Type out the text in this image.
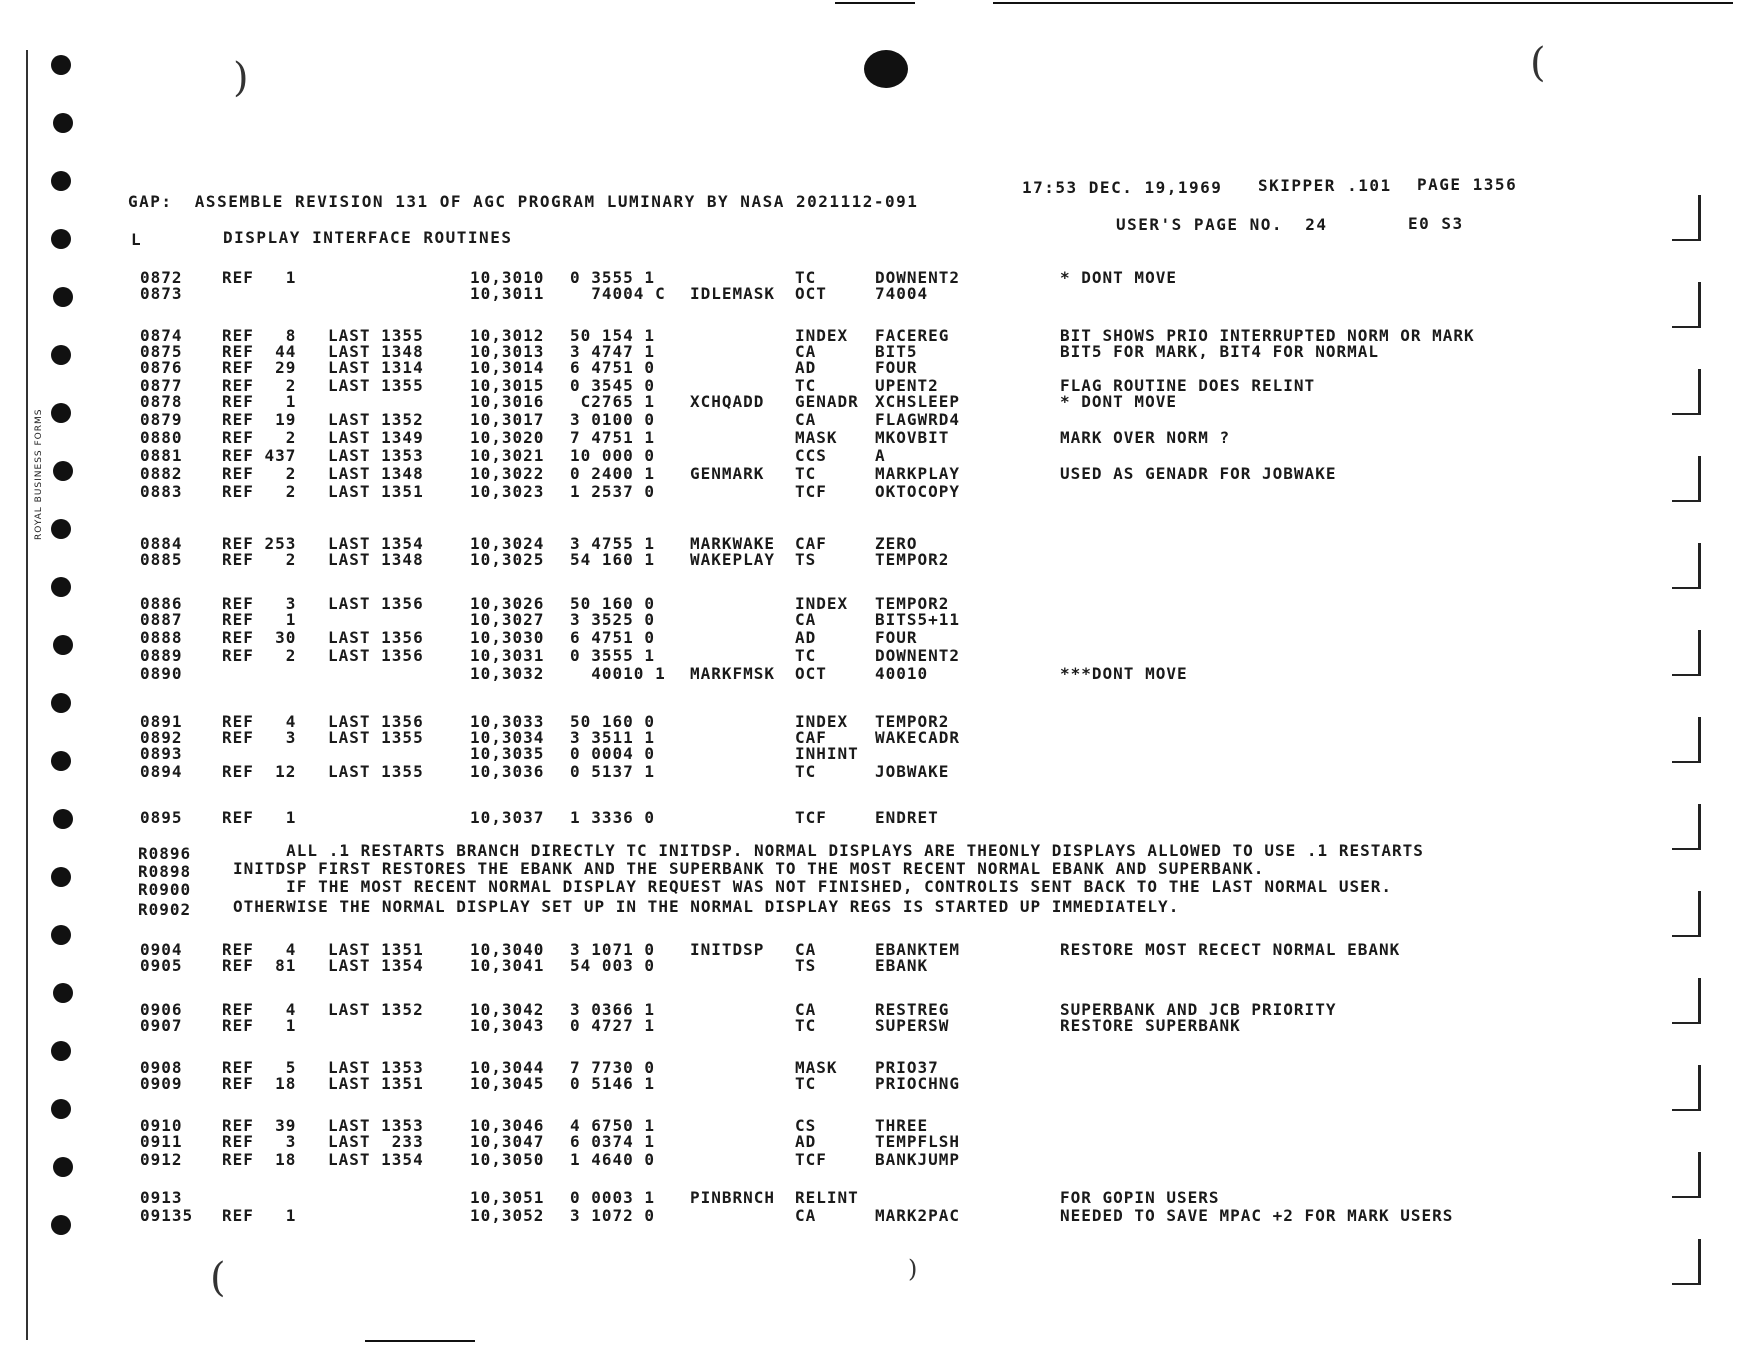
)	(
(	)
ROYAL BUSINESS FORMS
GAP:  ASSEMBLE REVISION 131 OF AGC PROGRAM LUMINARY BY NASA 2021112-091
17:53 DEC. 19,1969 SKIPPER .101 PAGE 1356
USER'S PAGE NO.  24	E0 S3
L	DISPLAY INTERFACE ROUTINES
0872 REF   1	10,3010 0 3555 1	TC	DOWNENT2	* DONT MOVE
0873	10,3011 74004 C IDLEMASK OCT	74004
0874 REF   8 LAST 1355	10,3012 50 154 1	INDEX FACEREG	BIT SHOWS PRIO INTERRUPTED NORM OR MARK
0875 REF  44 LAST 1348	10,3013 3 4747 1	CA	BIT5	BIT5 FOR MARK, BIT4 FOR NORMAL
0876 REF  29 LAST 1314	10,3014 6 4751 0	AD	FOUR
0877 REF   2 LAST 1355	10,3015 0 3545 0	TC	UPENT2	FLAG ROUTINE DOES RELINT
0878 REF   1	10,3016 C2765 1 XCHQADD GENADR XCHSLEEP	* DONT MOVE
0879 REF  19 LAST 1352	10,3017 3 0100 0	CA	FLAGWRD4
0880 REF   2 LAST 1349	10,3020 7 4751 1	MASK MKOVBIT	MARK OVER NORM ?
0881 REF 437 LAST 1353	10,3021 10 000 0	CCS	A
0882 REF   2 LAST 1348	10,3022 0 2400 1 GENMARK TC	MARKPLAY	USED AS GENADR FOR JOBWAKE
0883 REF   2 LAST 1351	10,3023 1 2537 0	TCF	OKTOCOPY
0884 REF 253 LAST 1354	10,3024 3 4755 1 MARKWAKE CAF	ZERO
0885 REF   2 LAST 1348	10,3025 54 160 1 WAKEPLAY TS	TEMPOR2
0886 REF   3 LAST 1356	10,3026 50 160 0	INDEX TEMPOR2
0887 REF   1	10,3027 3 3525 0	CA	BITS5+11
0888 REF  30 LAST 1356	10,3030 6 4751 0	AD	FOUR
0889 REF   2 LAST 1356	10,3031 0 3555 1	TC	DOWNENT2
0890	10,3032 40010 1 MARKFMSK OCT	40010	***DONT MOVE
0891 REF   4 LAST 1356	10,3033 50 160 0	INDEX TEMPOR2
0892 REF   3 LAST 1355	10,3034 3 3511 1	CAF	WAKECADR
0893	10,3035 0 0004 0	INHINT
0894 REF  12 LAST 1355	10,3036 0 5137 1	TC	JOBWAKE
0895 REF   1	10,3037 1 3336 0	TCF	ENDRET
0904 REF   4 LAST 1351	10,3040 3 1071 0 INITDSP CA	EBANKTEM	RESTORE MOST RECECT NORMAL EBANK
0905 REF  81 LAST 1354	10,3041 54 003 0	TS	EBANK
0906 REF   4 LAST 1352	10,3042 3 0366 1	CA	RESTREG	SUPERBANK AND JCB PRIORITY
0907 REF   1	10,3043 0 4727 1	TC	SUPERSW	RESTORE SUPERBANK
0908 REF   5 LAST 1353	10,3044 7 7730 0	MASK PRIO37
0909 REF  18 LAST 1351	10,3045 0 5146 1	TC	PRIOCHNG
0910 REF  39 LAST 1353	10,3046 4 6750 1	CS	THREE
0911 REF   3 LAST  233	10,3047 6 0374 1	AD	TEMPFLSH
0912 REF  18 LAST 1354	10,3050 1 4640 0	TCF	BANKJUMP
0913	10,3051 0 0003 1 PINBRNCH RELINT	FOR GOPIN USERS
09135 REF   1	10,3052 3 1072 0	CA	MARK2PAC	NEEDED TO SAVE MPAC +2 FOR MARK USERS
R0896	ALL .1 RESTARTS BRANCH DIRECTLY TC INITDSP. NORMAL DISPLAYS ARE THEONLY DISPLAYS ALLOWED TO USE .1 RESTARTS
R0898	INITDSP FIRST RESTORES THE EBANK AND THE SUPERBANK TO THE MOST RECENT NORMAL EBANK AND SUPERBANK.
R0900	IF THE MOST RECENT NORMAL DISPLAY REQUEST WAS NOT FINISHED, CONTROLIS SENT BACK TO THE LAST NORMAL USER.
R0902	OTHERWISE THE NORMAL DISPLAY SET UP IN THE NORMAL DISPLAY REGS IS STARTED UP IMMEDIATELY.
